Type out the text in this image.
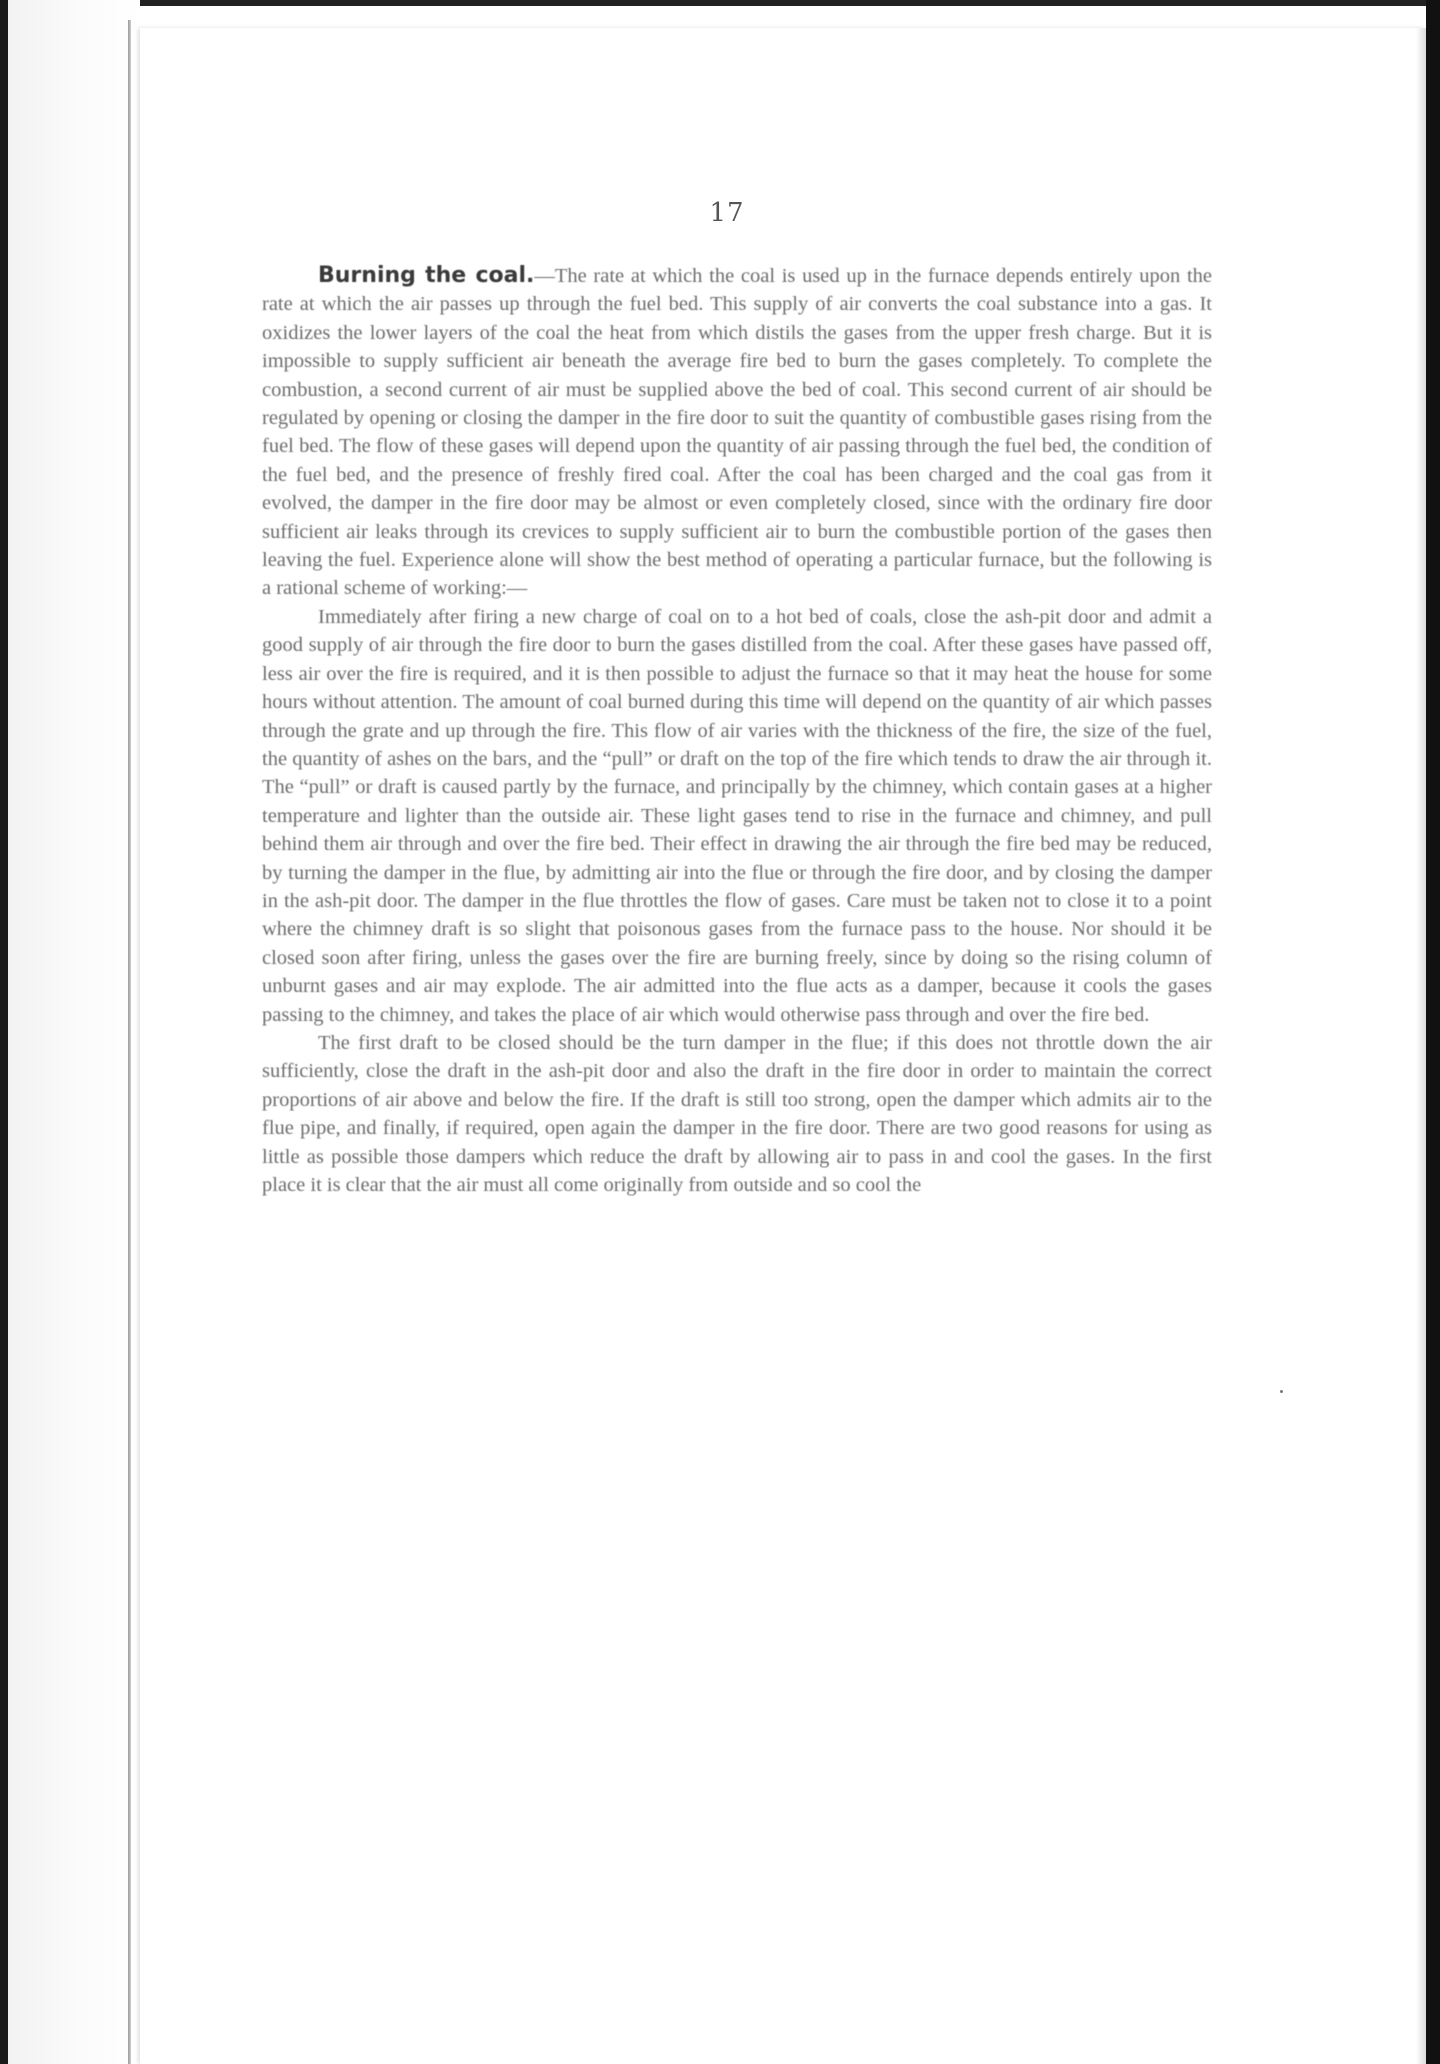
17

Burning the coal.—The rate at which the coal is used up in the furnace depends entirely upon the rate at which the air passes up through the fuel bed. This supply of air converts the coal substance into a gas. It oxidizes the lower layers of the coal the heat from which distils the gases from the upper fresh charge. But it is impossible to supply sufficient air beneath the average fire bed to burn the gases completely. To complete the combustion, a second current of air must be supplied above the bed of coal. This second current of air should be regulated by opening or closing the damper in the fire door to suit the quantity of combustible gases rising from the fuel bed. The flow of these gases will depend upon the quantity of air passing through the fuel bed, the condition of the fuel bed, and the presence of freshly fired coal. After the coal has been charged and the coal gas from it evolved, the damper in the fire door may be almost or even completely closed, since with the ordinary fire door sufficient air leaks through its crevices to supply sufficient air to burn the combustible portion of the gases then leaving the fuel. Experience alone will show the best method of operating a particular furnace, but the following is a rational scheme of working:—

Immediately after firing a new charge of coal on to a hot bed of coals, close the ash-pit door and admit a good supply of air through the fire door to burn the gases distilled from the coal. After these gases have passed off, less air over the fire is required, and it is then possible to adjust the furnace so that it may heat the house for some hours without attention. The amount of coal burned during this time will depend on the quantity of air which passes through the grate and up through the fire. This flow of air varies with the thickness of the fire, the size of the fuel, the quantity of ashes on the bars, and the “pull” or draft on the top of the fire which tends to draw the air through it. The “pull” or draft is caused partly by the furnace, and principally by the chimney, which contain gases at a higher temperature and lighter than the outside air. These light gases tend to rise in the furnace and chimney, and pull behind them air through and over the fire bed. Their effect in drawing the air through the fire bed may be reduced, by turning the damper in the flue, by admitting air into the flue or through the fire door, and by closing the damper in the ash-pit door. The damper in the flue throttles the flow of gases. Care must be taken not to close it to a point where the chimney draft is so slight that poisonous gases from the furnace pass to the house. Nor should it be closed soon after firing, unless the gases over the fire are burning freely, since by doing so the rising column of unburnt gases and air may explode. The air admitted into the flue acts as a damper, because it cools the gases passing to the chimney, and takes the place of air which would otherwise pass through and over the fire bed.

The first draft to be closed should be the turn damper in the flue; if this does not throttle down the air sufficiently, close the draft in the ash-pit door and also the draft in the fire door in order to maintain the correct proportions of air above and below the fire. If the draft is still too strong, open the damper which admits air to the flue pipe, and finally, if required, open again the damper in the fire door. There are two good reasons for using as little as possible those dampers which reduce the draft by allowing air to pass in and cool the gases. In the first place it is clear that the air must all come originally from outside and so cool the
